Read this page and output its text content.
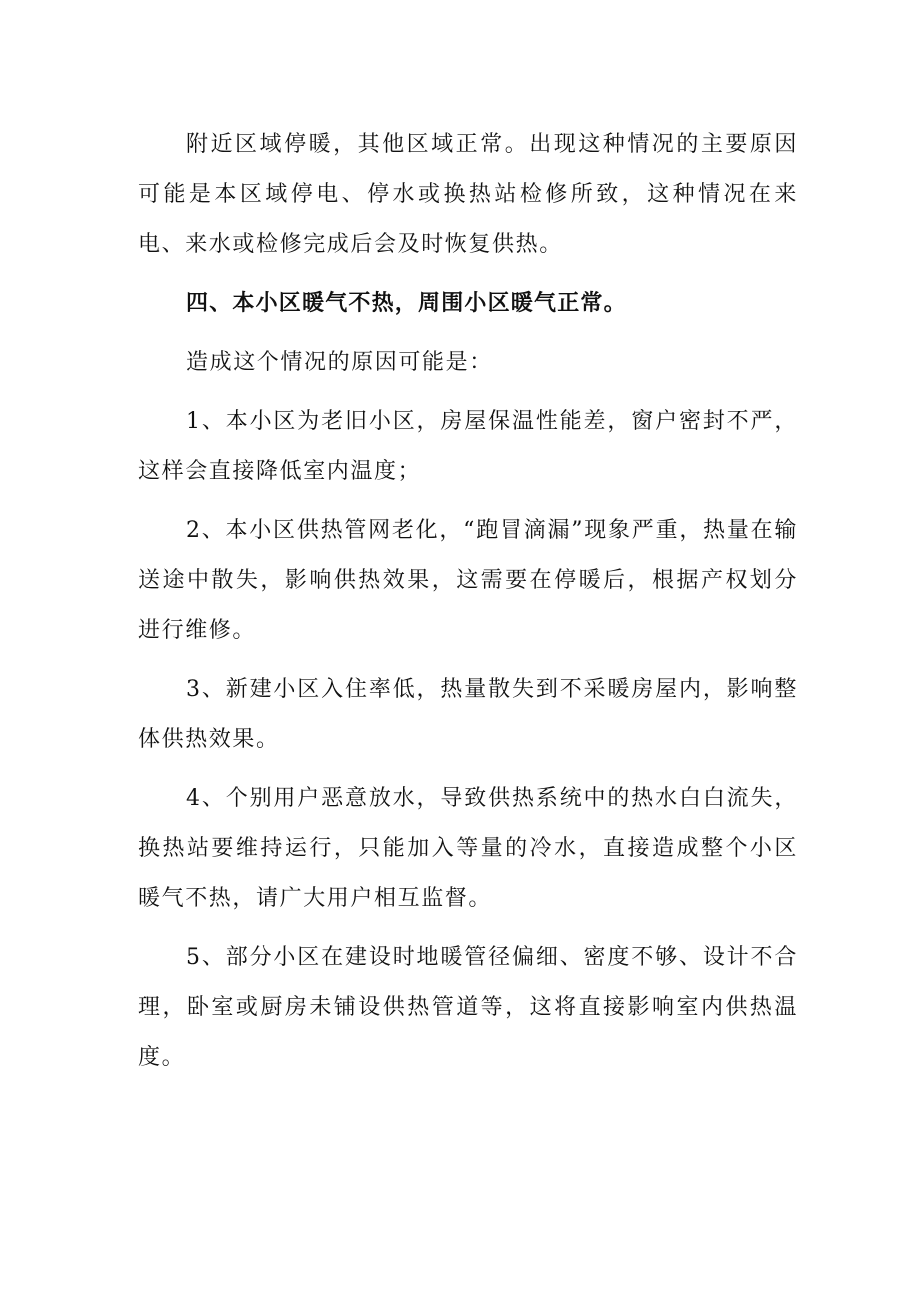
附近区域停暖，其他区域正常。出现这种情况的主要原因可能是本区域停电、停水或换热站检修所致，这种情况在来电、来水或检修完成后会及时恢复供热。

四、本小区暖气不热，周围小区暖气正常。

造成这个情况的原因可能是：

1、本小区为老旧小区，房屋保温性能差，窗户密封不严，这样会直接降低室内温度；

2、本小区供热管网老化，“跑冒滴漏”现象严重，热量在输送途中散失，影响供热效果，这需要在停暖后，根据产权划分进行维修。

3、新建小区入住率低，热量散失到不采暖房屋内，影响整体供热效果。

4、个别用户恶意放水，导致供热系统中的热水白白流失，换热站要维持运行，只能加入等量的冷水，直接造成整个小区暖气不热，请广大用户相互监督。

5、部分小区在建设时地暖管径偏细、密度不够、设计不合理，卧室或厨房未铺设供热管道等，这将直接影响室内供热温度。
